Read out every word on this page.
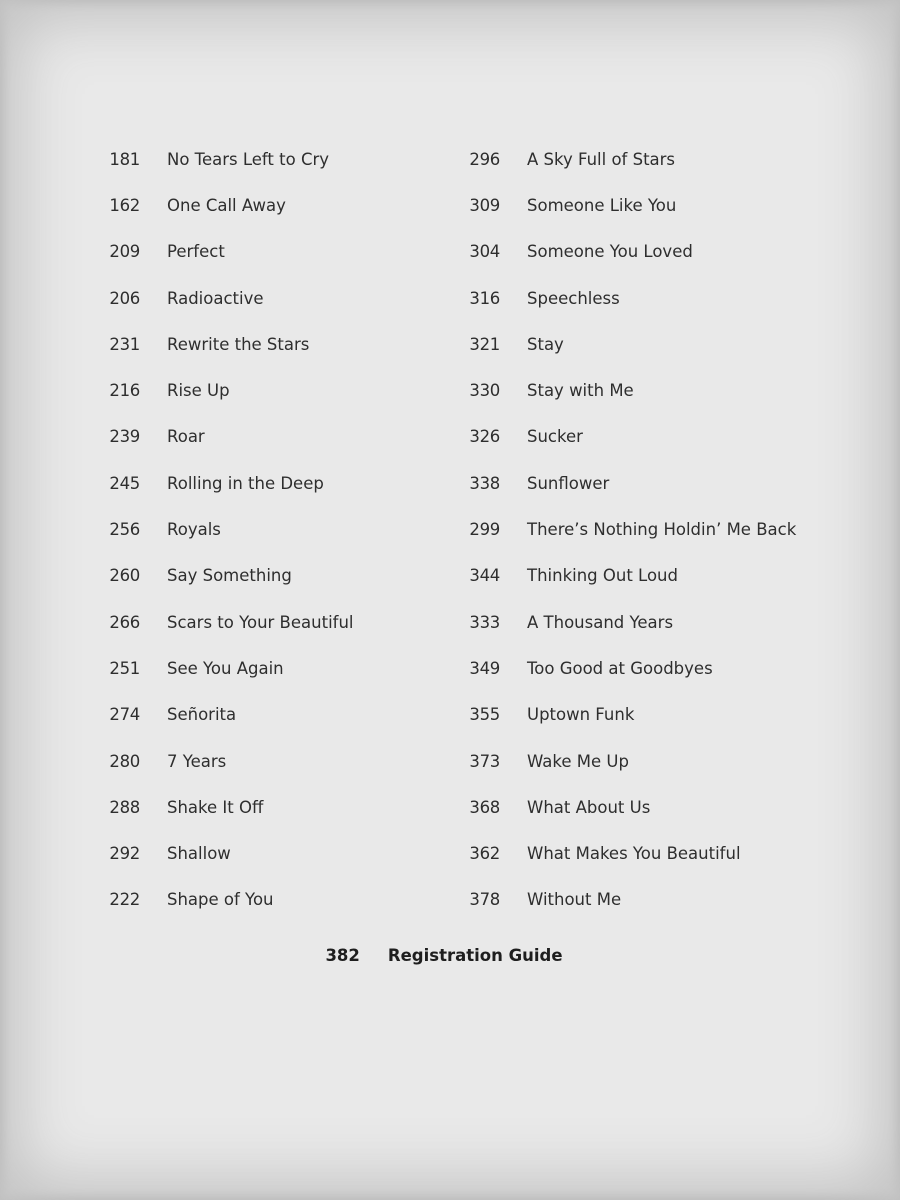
181 No Tears Left to Cry
162 One Call Away
209 Perfect
206 Radioactive
231 Rewrite the Stars
216 Rise Up
239 Roar
245 Rolling in the Deep
256 Royals
260 Say Something
266 Scars to Your Beautiful
251 See You Again
274 Señorita
280 7 Years
288 Shake It Off
292 Shallow
222 Shape of You
296 A Sky Full of Stars
309 Someone Like You
304 Someone You Loved
316 Speechless
321 Stay
330 Stay with Me
326 Sucker
338 Sunflower
299 There’s Nothing Holdin’ Me Back
344 Thinking Out Loud
333 A Thousand Years
349 Too Good at Goodbyes
355 Uptown Funk
373 Wake Me Up
368 What About Us
362 What Makes You Beautiful
378 Without Me
382 Registration Guide
